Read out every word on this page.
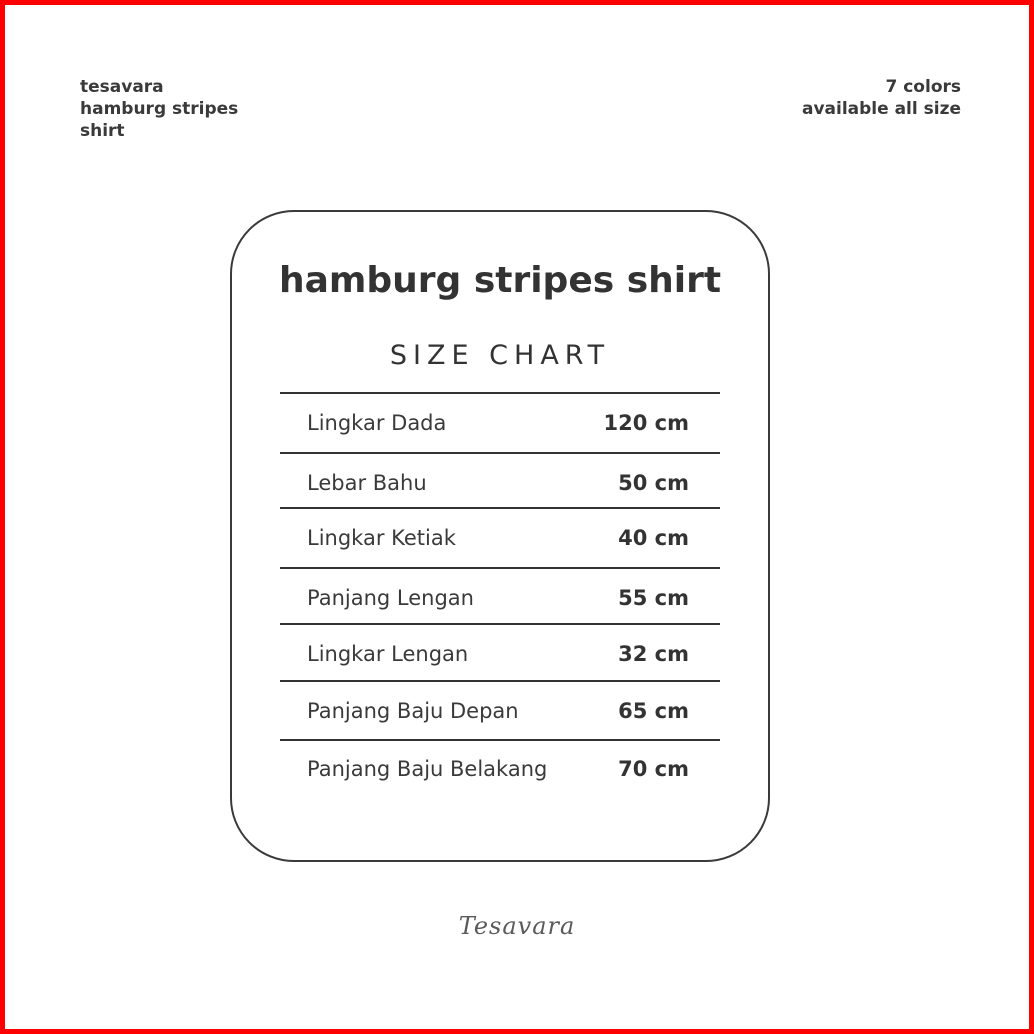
tesavara
hamburg stripes
shirt
7 colors
available all size
hamburg stripes shirt
SIZE CHART
Lingkar Dada	120 cm
Lebar Bahu	50 cm
Lingkar Ketiak	40 cm
Panjang Lengan	55 cm
Lingkar Lengan	32 cm
Panjang Baju Depan	65 cm
Panjang Baju Belakang	70 cm
Tesavara
